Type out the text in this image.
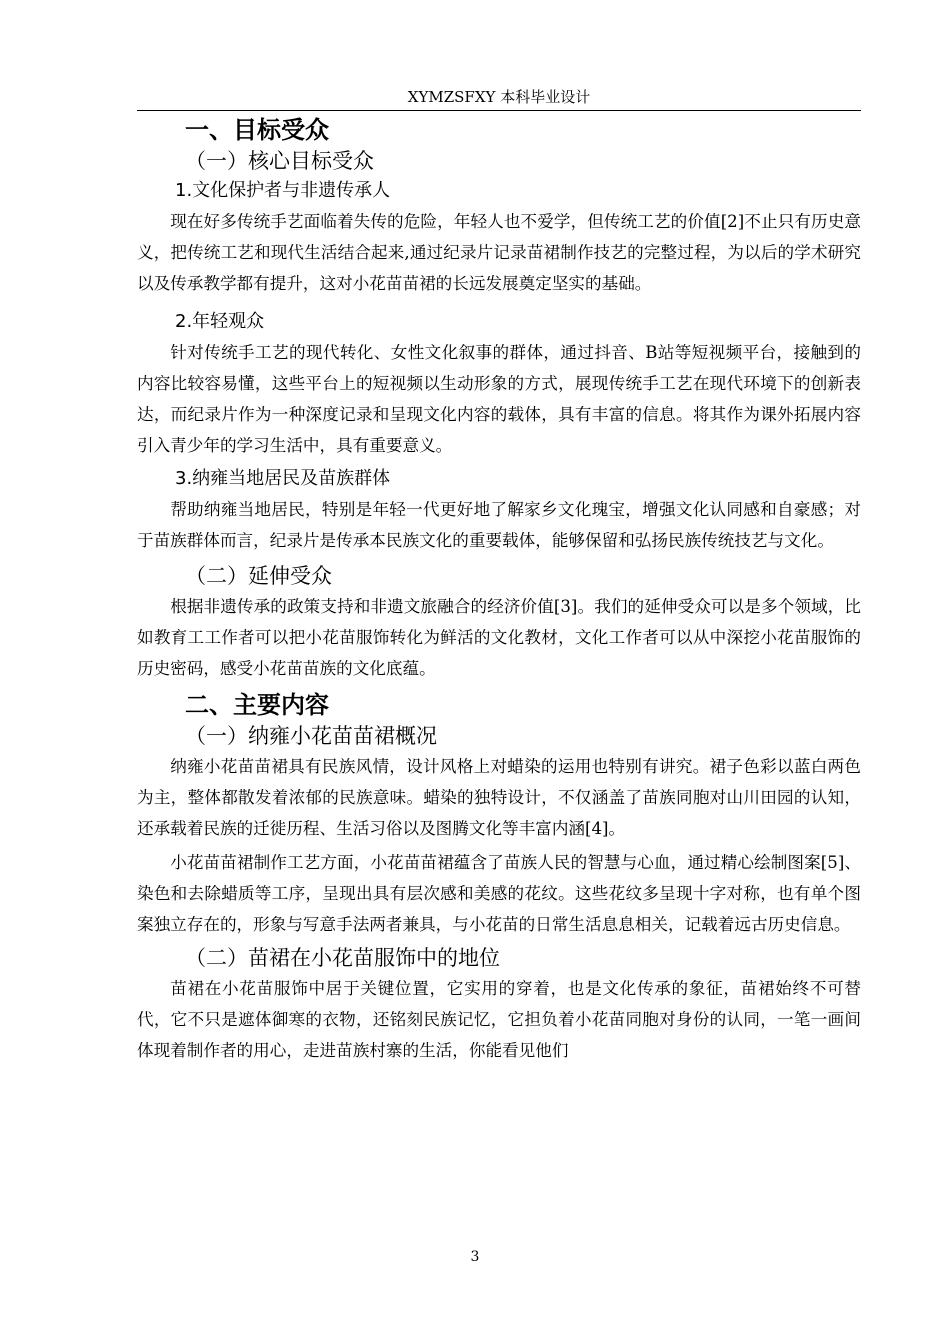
XYMZSFXY 本科毕业设计
一、目标受众
（一）核心目标受众
1.文化保护者与非遗传承人

现在好多传统手艺面临着失传的危险，年轻人也不爱学，但传统工艺的价值[2]不止只有历史意义，把传统工艺和现代生活结合起来,通过纪录片记录苗裙制作技艺的完整过程，为以后的学术研究以及传承教学都有提升，这对小花苗苗裙的长远发展奠定坚实的基础。

2.年轻观众

针对传统手工艺的现代转化、女性文化叙事的群体，通过抖音、B站等短视频平台，接触到的内容比较容易懂，这些平台上的短视频以生动形象的方式，展现传统手工艺在现代环境下的创新表达，而纪录片作为一种深度记录和呈现文化内容的载体，具有丰富的信息。将其作为课外拓展内容引入青少年的学习生活中，具有重要意义。

3.纳雍当地居民及苗族群体

帮助纳雍当地居民，特别是年轻一代更好地了解家乡文化瑰宝，增强文化认同感和自豪感；对于苗族群体而言，纪录片是传承本民族文化的重要载体，能够保留和弘扬民族传统技艺与文化。

（二）延伸受众

根据非遗传承的政策支持和非遗文旅融合的经济价值[3]。我们的延伸受众可以是多个领域，比如教育工工作者可以把小花苗服饰转化为鲜活的文化教材，文化工作者可以从中深挖小花苗服饰的历史密码，感受小花苗苗族的文化底蕴。

二、主要内容
（一）纳雍小花苗苗裙概况

纳雍小花苗苗裙具有民族风情，设计风格上对蜡染的运用也特别有讲究。裙子色彩以蓝白两色为主，整体都散发着浓郁的民族意味。蜡染的独特设计，不仅涵盖了苗族同胞对山川田园的认知，还承载着民族的迁徙历程、生活习俗以及图腾文化等丰富内涵[4]。

小花苗苗裙制作工艺方面，小花苗苗裙蕴含了苗族人民的智慧与心血，通过精心绘制图案[5]、染色和去除蜡质等工序，呈现出具有层次感和美感的花纹。这些花纹多呈现十字对称，也有单个图案独立存在的，形象与写意手法两者兼具，与小花苗的日常生活息息相关，记载着远古历史信息。

（二）苗裙在小花苗服饰中的地位

苗裙在小花苗服饰中居于关键位置，它实用的穿着，也是文化传承的象征，苗裙始终不可替代，它不只是遮体御寒的衣物，还铭刻民族记忆，它担负着小花苗同胞对身份的认同，一笔一画间体现着制作者的用心，走进苗族村寨的生活，你能看见他们

3
